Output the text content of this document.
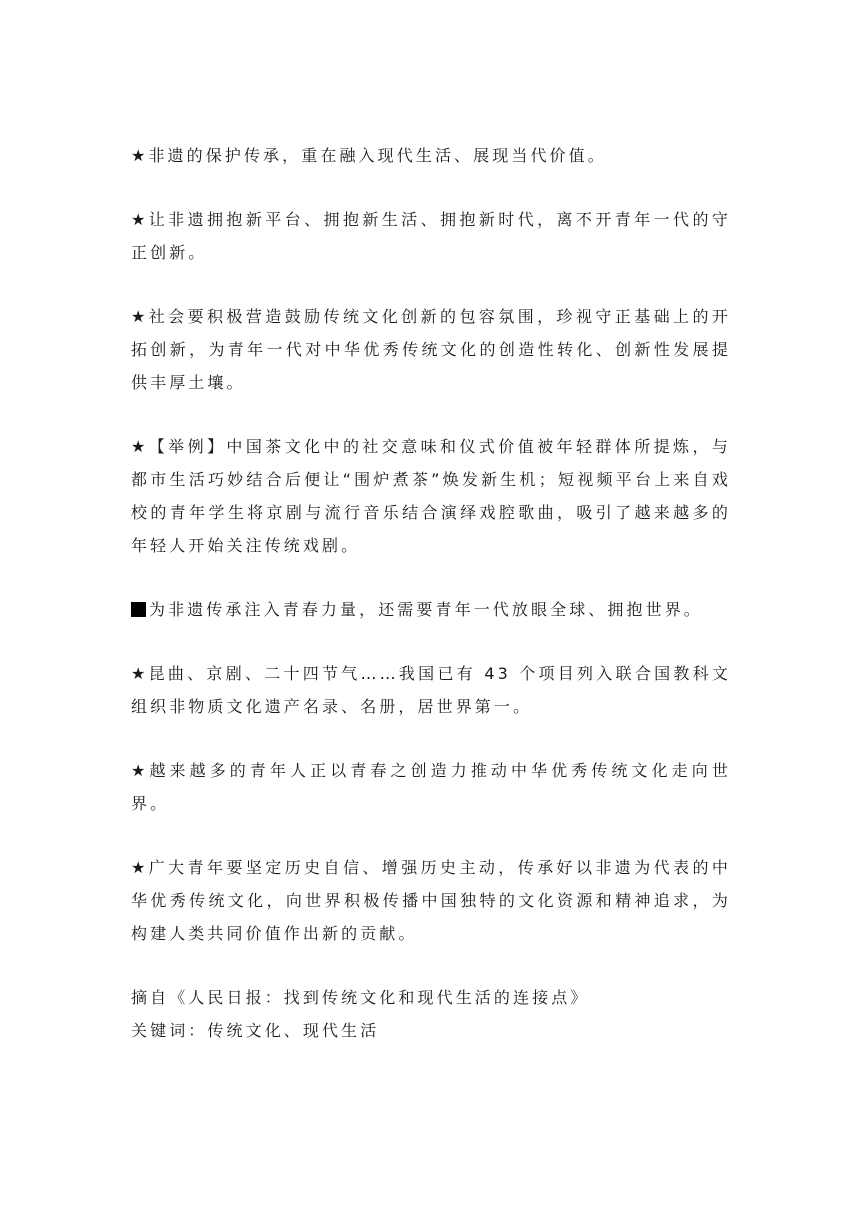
★非遗的保护传承，重在融入现代生活、展现当代价值。

★让非遗拥抱新平台、拥抱新生活、拥抱新时代，离不开青年一代的守正创新。

★社会要积极营造鼓励传统文化创新的包容氛围，珍视守正基础上的开拓创新，为青年一代对中华优秀传统文化的创造性转化、创新性发展提供丰厚土壤。

★【举例】中国茶文化中的社交意味和仪式价值被年轻群体所提炼，与都市生活巧妙结合后便让“围炉煮茶”焕发新生机；短视频平台上来自戏校的青年学生将京剧与流行音乐结合演绎戏腔歌曲，吸引了越来越多的年轻人开始关注传统戏剧。

为非遗传承注入青春力量，还需要青年一代放眼全球、拥抱世界。

★昆曲、京剧、二十四节气……我国已有 43 个项目列入联合国教科文组织非物质文化遗产名录、名册，居世界第一。

★越来越多的青年人正以青春之创造力推动中华优秀传统文化走向世界。

★广大青年要坚定历史自信、增强历史主动，传承好以非遗为代表的中华优秀传统文化，向世界积极传播中国独特的文化资源和精神追求，为构建人类共同价值作出新的贡献。

摘自《人民日报：找到传统文化和现代生活的连接点》

关键词：传统文化、现代生活
